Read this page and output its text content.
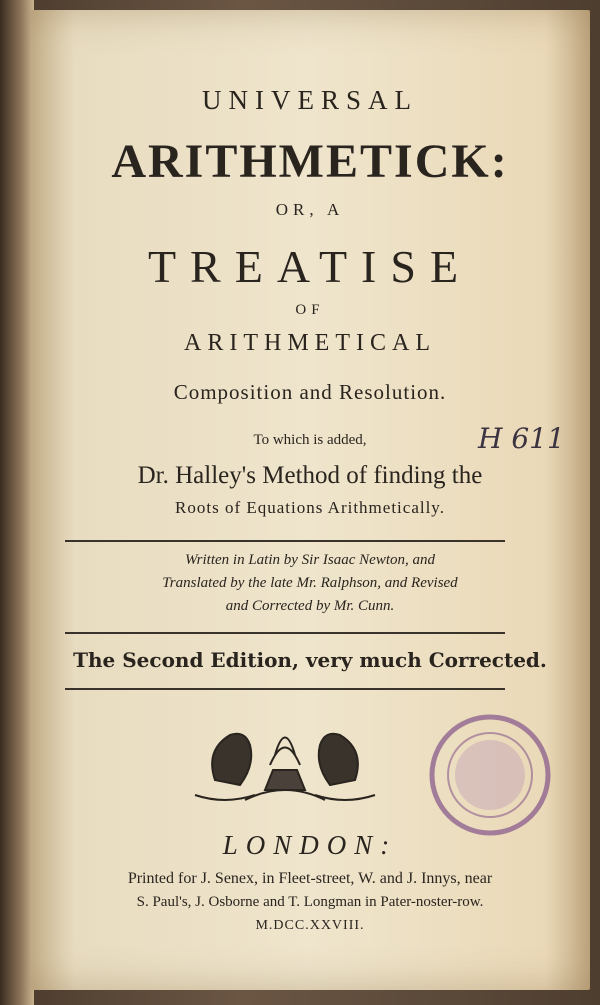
UNIVERSAL
ARITHMETICK:
OR, A
TREATISE
OF
ARITHMETICAL
Composition and Resolution.
To which is added,
Dr. Halley's Method of finding the
Roots of Equations Arithmetically.
H 611
Written in Latin by Sir Isaac Newton, and
Translated by the late Mr. Ralphson, and Revised
and Corrected by Mr. Cunn.
The Second Edition, very much Corrected.
LONDON:
Printed for J. Senex, in Fleet-street, W. and J. Innys, near
S. Paul's, J. Osborne and T. Longman in Pater-noster-row.
M.DCC.XXVIII.
